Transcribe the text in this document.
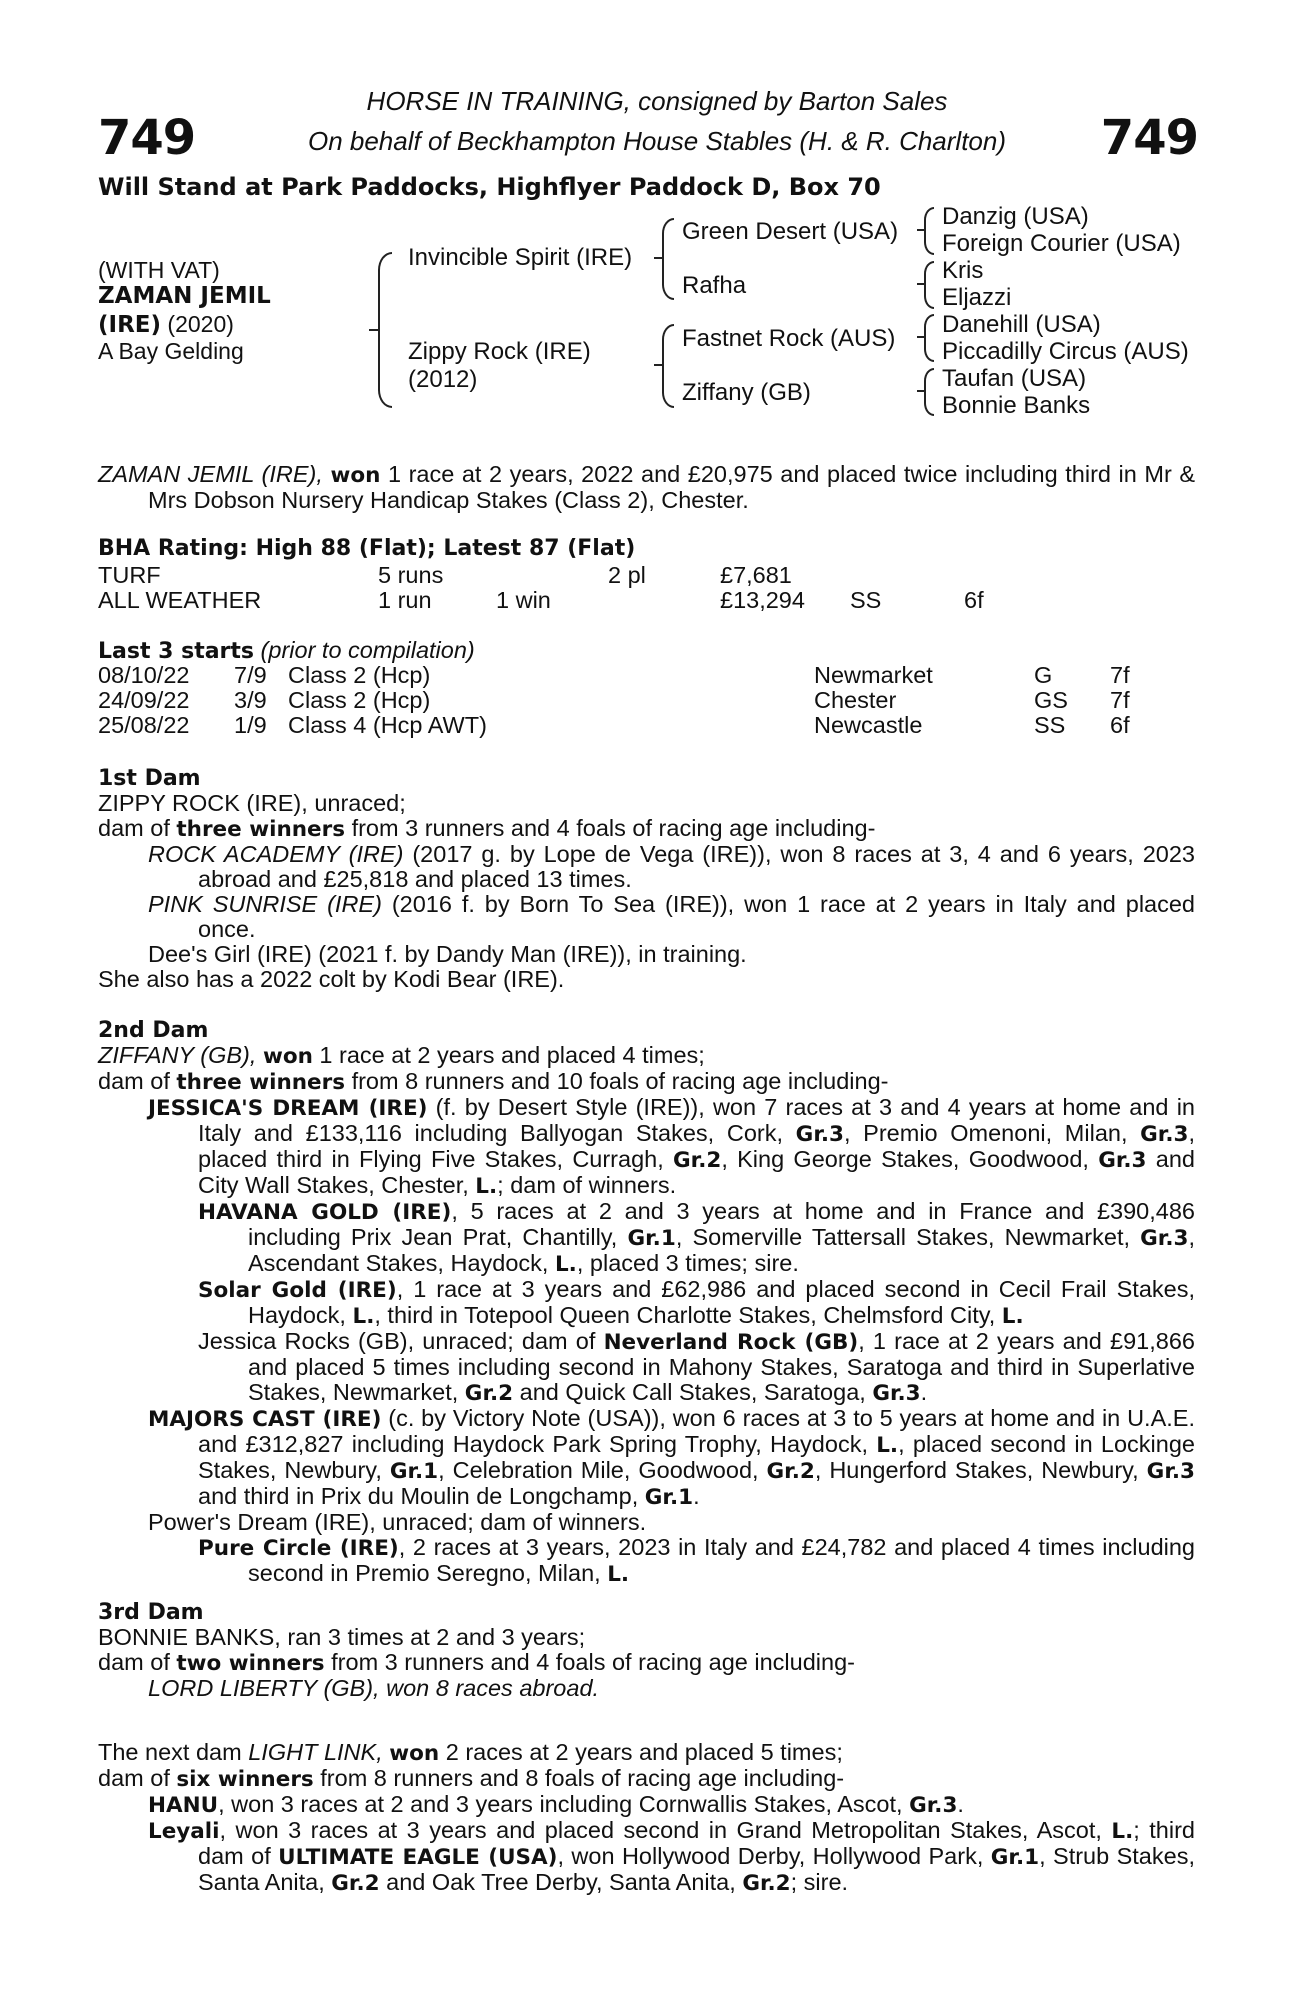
749	749
HORSE IN TRAINING, consigned by Barton Sales
On behalf of Beckhampton House Stables (H. & R. Charlton)
Will Stand at Park Paddocks, Highflyer Paddock D, Box 70
(WITH VAT)
ZAMAN JEMIL
(IRE) (2020)
A Bay Gelding
Invincible Spirit (IRE)
Zippy Rock (IRE)
(2012)
Green Desert (USA)
Rafha
Fastnet Rock (AUS)
Ziffany (GB)
Danzig (USA)
Foreign Courier (USA)
Kris
Eljazzi
Danehill (USA)
Piccadilly Circus (AUS)
Taufan (USA)
Bonnie Banks

ZAMAN JEMIL (IRE), won 1 race at 2 years, 2022 and £20,975 and placed twice including third in Mr & Mrs Dobson Nursery Handicap Stakes (Class 2), Chester.

BHA Rating: High 88 (Flat); Latest 87 (Flat)
TURF	5 runs	2 pl	£7,681
ALL WEATHER	1 run	1 win	£13,294 SS	6f
Last 3 starts (prior to compilation)
08/10/22 7/9 Class 2 (Hcp)	Newmarket	G 7f
24/09/22 3/9 Class 2 (Hcp)	Chester	GS 7f
25/08/22 1/9 Class 4 (Hcp AWT)	Newcastle	SS 6f
1st Dam

ZIPPY ROCK (IRE), unraced;

dam of three winners from 3 runners and 4 foals of racing age including-

ROCK ACADEMY (IRE) (2017 g. by Lope de Vega (IRE)), won 8 races at 3, 4 and 6 years, 2023 abroad and £25,818 and placed 13 times.

PINK SUNRISE (IRE) (2016 f. by Born To Sea (IRE)), won 1 race at 2 years in Italy and placed once.

Dee's Girl (IRE) (2021 f. by Dandy Man (IRE)), in training.

She also has a 2022 colt by Kodi Bear (IRE).

2nd Dam

ZIFFANY (GB), won 1 race at 2 years and placed 4 times;

dam of three winners from 8 runners and 10 foals of racing age including-

JESSICA'S DREAM (IRE) (f. by Desert Style (IRE)), won 7 races at 3 and 4 years at home and in Italy and £133,116 including Ballyogan Stakes, Cork, Gr.3, Premio Omenoni, Milan, Gr.3, placed third in Flying Five Stakes, Curragh, Gr.2, King George Stakes, Goodwood, Gr.3 and City Wall Stakes, Chester, L.; dam of winners.

HAVANA GOLD (IRE), 5 races at 2 and 3 years at home and in France and £390,486 including Prix Jean Prat, Chantilly, Gr.1, Somerville Tattersall Stakes, Newmarket, Gr.3, Ascendant Stakes, Haydock, L., placed 3 times; sire.

Solar Gold (IRE), 1 race at 3 years and £62,986 and placed second in Cecil Frail Stakes, Haydock, L., third in Totepool Queen Charlotte Stakes, Chelmsford City, L.

Jessica Rocks (GB), unraced; dam of Neverland Rock (GB), 1 race at 2 years and £91,866 and placed 5 times including second in Mahony Stakes, Saratoga and third in Superlative Stakes, Newmarket, Gr.2 and Quick Call Stakes, Saratoga, Gr.3.

MAJORS CAST (IRE) (c. by Victory Note (USA)), won 6 races at 3 to 5 years at home and in U.A.E. and £312,827 including Haydock Park Spring Trophy, Haydock, L., placed second in Lockinge Stakes, Newbury, Gr.1, Celebration Mile, Goodwood, Gr.2, Hungerford Stakes, Newbury, Gr.3 and third in Prix du Moulin de Longchamp, Gr.1.

Power's Dream (IRE), unraced; dam of winners.

Pure Circle (IRE), 2 races at 3 years, 2023 in Italy and £24,782 and placed 4 times including second in Premio Seregno, Milan, L.

3rd Dam

BONNIE BANKS, ran 3 times at 2 and 3 years;

dam of two winners from 3 runners and 4 foals of racing age including-

LORD LIBERTY (GB), won 8 races abroad.

The next dam LIGHT LINK, won 2 races at 2 years and placed 5 times;

dam of six winners from 8 runners and 8 foals of racing age including-

HANU, won 3 races at 2 and 3 years including Cornwallis Stakes, Ascot, Gr.3.

Leyali, won 3 races at 3 years and placed second in Grand Metropolitan Stakes, Ascot, L.; third dam of ULTIMATE EAGLE (USA), won Hollywood Derby, Hollywood Park, Gr.1, Strub Stakes, Santa Anita, Gr.2 and Oak Tree Derby, Santa Anita, Gr.2; sire.
